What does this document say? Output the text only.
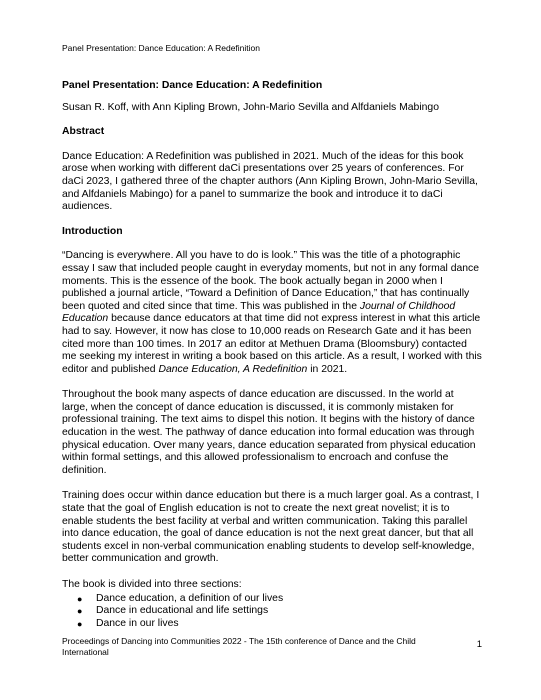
Panel Presentation: Dance Education: A Redefinition

Panel Presentation: Dance Education: A Redefinition

Susan R. Koff, with Ann Kipling Brown, John-Mario Sevilla and Alfdaniels Mabingo

Abstract

Dance Education: A Redefinition was published in 2021. Much of the ideas for this book arose when working with different daCi presentations over 25 years of conferences. For daCi 2023, I gathered three of the chapter authors (Ann Kipling Brown, John-Mario Sevilla, and Alfdaniels Mabingo) for a panel to summarize the book and introduce it to daCi audiences.

Introduction

“Dancing is everywhere. All you have to do is look.” This was the title of a photographic essay I saw that included people caught in everyday moments, but not in any formal dance moments. This is the essence of the book. The book actually began in 2000 when I published a journal article, “Toward a Definition of Dance Education,” that has continually been quoted and cited since that time. This was published in the Journal of Childhood Education because dance educators at that time did not express interest in what this article had to say. However, it now has close to 10,000 reads on Research Gate and it has been cited more than 100 times. In 2017 an editor at Methuen Drama (Bloomsbury) contacted me seeking my interest in writing a book based on this article. As a result, I worked with this editor and published Dance Education, A Redefinition in 2021.

Throughout the book many aspects of dance education are discussed. In the world at large, when the concept of dance education is discussed, it is commonly mistaken for professional training. The text aims to dispel this notion. It begins with the history of dance education in the west. The pathway of dance education into formal education was through physical education. Over many years, dance education separated from physical education within formal settings, and this allowed professionalism to encroach and confuse the definition.

Training does occur within dance education but there is a much larger goal. As a contrast, I state that the goal of English education is not to create the next great novelist; it is to enable students the best facility at verbal and written communication. Taking this parallel into dance education, the goal of dance education is not the next great dancer, but that all students excel in non-verbal communication enabling students to develop self-knowledge, better communication and growth.

The book is divided into three sections:

● Dance education, a definition of our lives
● Dance in educational and life settings
● Dance in our lives
Proceedings of Dancing into Communities 2022 - The 15th conference of Dance and the Child International
1
